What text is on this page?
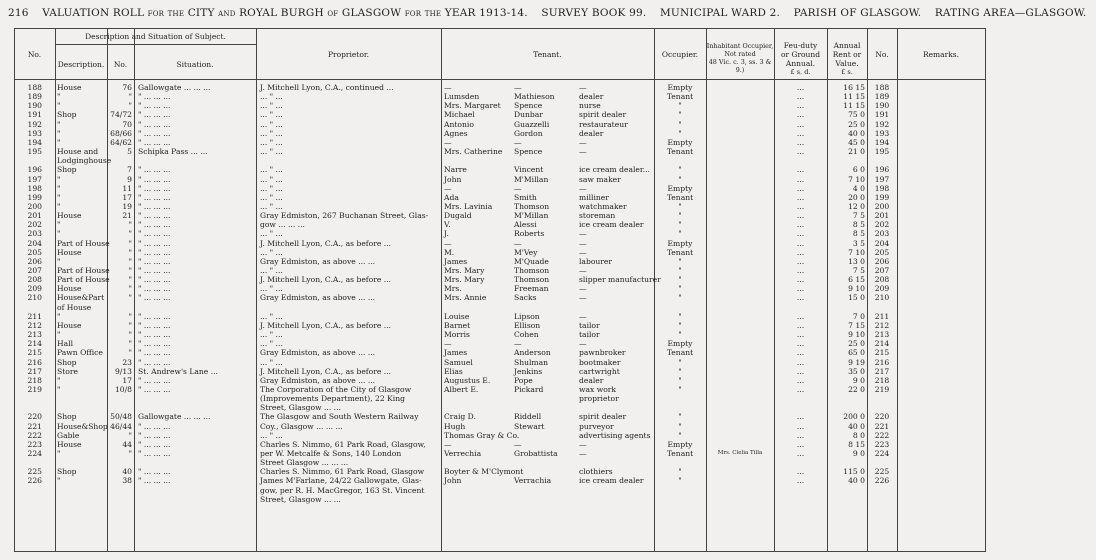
216 VALUATION ROLL for the CITY and ROYAL BURGH of GLASGOW for the YEAR 1913-14. SURVEY BOOK 99. MUNICIPAL WARD 2. PARISH OF GLASGOW. RATING AREA—GLASGOW.
No.
Description and Situation of Subject.
Description.	No.	Situation.
Proprietor.	Tenant.	Occupier.
Inhabitant Occupier,
Not rated
48 Vic. c. 3, ss. 3 & 9.)
Feu-duty
or Ground
Annual.
£ s. d.
Annual
Rent or
Value.
£ s.
No.	Remarks.
188 House	76 Gallowgate ... ... ...	J. Mitchell Lyon, C.A., continued ...	—	—	—	Empty	...	16 15	188
189 "	" " ... ... ...	... " ...	Lumsden	Mathieson	dealer	Tenant	...	11 15	189
190 "	" " ... ... ...	... " ...	Mrs. Margaret	Spence	nurse	"	...	11 15	190
191 Shop	74/72 " ... ... ...	... " ...	Michael	Dunbar	spirit dealer	"	...	75 0	191
192 "	70 " ... ... ...	... " ...	Antonio	Guazzelli	restaurateur	"	...	25 0	192
193 "	68/66 " ... ... ...	... " ...	Agnes	Gordon	dealer	"	...	40 0	193
194 "	64/62 " ... ... ...	... " ...	—	—	—	Empty	...	45 0	194
195 House and	5 Schipka Pass ... ...	... " ...	Mrs. Catherine	Spence	—	Tenant	...	21 0	195
Lodginghouse
196 Shop	7 " ... ... ...	... " ...	Narre	Vincent	ice cream dealer...	"	...	6 0	196
197 "	9 " ... ... ...	... " ...	John	M'Millan	saw maker	"	...	7 10	197
198 "	11 " ... ... ...	... " ...	—	—	—	Empty	...	4 0	198
199 "	17 " ... ... ...	... " ...	Ada	Smith	milliner	Tenant	...	20 0	199
200 "	19 " ... ... ...	... " ...	Mrs. Lavinia	Thomson	watchmaker	"	...	12 0	200
201 House	21 " ... ... ...	Gray Edmiston, 267 Buchanan Street, Glas-	Dugald	M'Millan	storeman	"	...	7 5	201
202 "	" " ... ... ...	gow ... ... ...	V.	Alessi	ice cream dealer	"	...	8 5	202
203 "	" " ... ... ...	... " ...	J.	Roberts	—	"	...	8 5	203
204 Part of House	" " ... ... ...	J. Mitchell Lyon, C.A., as before ...	—	—	—	Empty	...	3 5	204
205 House	" " ... ... ...	... " ...	M.	M'Vey	—	Tenant	...	7 10	205
206 "	" " ... ... ...	Gray Edmiston, as above ... ...	James	M'Quade	labourer	"	...	13 0	206
207 Part of House	" " ... ... ...	... " ...	Mrs. Mary	Thomson	—	"	...	7 5	207
208 Part of House	" " ... ... ...	J. Mitchell Lyon, C.A., as before ...	Mrs. Mary	Thomson	slipper manufacturer	"	...	6 15	208
209 House	" " ... ... ...	... " ...	Mrs.	Freeman	—	"	...	9 10	209
210 House&Part	" " ... ... ...	Gray Edmiston, as above ... ...	Mrs. Annie	Sacks	—	"	...	15 0	210
of House
211 "	" " ... ... ...	... " ...	Louise	Lipson	—	"	...	7 0	211
212 House	" " ... ... ...	J. Mitchell Lyon, C.A., as before ...	Barnet	Ellison	tailor	"	...	7 15	212
213 "	" " ... ... ...	... " ...	Morris	Cohen	tailor	"	...	9 10	213
214 Hall	" " ... ... ...	... " ...	—	—	—	Empty	...	25 0	214
215 Pawn Office	" " ... ... ...	Gray Edmiston, as above ... ...	James	Anderson	pawnbroker	Tenant	...	65 0	215
216 Shop	23 " ... ... ...	... " ...	Samuel	Shulman	bootmaker	"	...	9 19	216
217 Store	9/13 St. Andrew's Lane ...	J. Mitchell Lyon, C.A., as before ...	Elias	Jenkins	cartwright	"	...	35 0	217
218 "	17 " ... ... ...	Gray Edmiston, as above ... ...	Augustus E.	Pope	dealer	"	...	9 0	218
219 "	10/8 " ... ... ...	The Corporation of the City of Glasgow	Albert E.	Pickard	wax work	"	...	22 0	219
(Improvements Department), 22 King	proprietor
Street, Glasgow ... ...
220 Shop	50/48 Gallowgate ... ... ...	The Glasgow and South Western Railway	Craig D.	Riddell	spirit dealer	"	...	200 0	220
221 House&Shop 46/44 " ... ... ...	Coy., Glasgow ... ... ...	Hugh	Stewart	purveyor	"	...	40 0	221
222 Gable	" " ... ... ...	... " ...	Thomas Gray & Co.	advertising agents	"	...	8 0	222
223 House	44 " ... ... ...	Charles S. Nimmo, 61 Park Road, Glasgow,	—	—	—	Empty	...	8 15	223
224 "	" " ... ... ...	per W. Metcalfe & Sons, 140 London	Verrechia	Grobattista	—	Tenant	Mrs. Clelia Tilla	...	9 0	224
Street Glasgow ... ... ...
225 Shop	40 " ... ... ...	Charles S. Nimmo, 61 Park Road, Glasgow	Boyter & M'Clymont	clothiers	"	...	115 0	225
226 "	38 " ... ... ...	James M'Farlane, 24/22 Gallowgate, Glas-	John	Verrachia	ice cream dealer	"	...	40 0	226
gow, per R. H. MacGregor, 163 St. Vincent
Street, Glasgow ... ...
